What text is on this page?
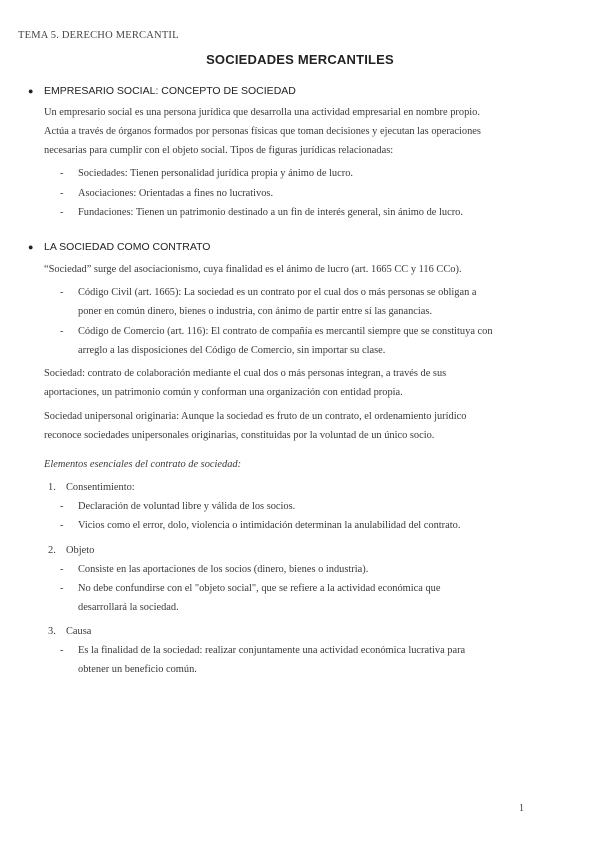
TEMA 5. DERECHO MERCANTIL
SOCIEDADES MERCANTILES
● EMPRESARIO SOCIAL: CONCEPTO DE SOCIEDAD
Un empresario social es una persona jurídica que desarrolla una actividad empresarial en nombre propio.
Actúa a través de órganos formados por personas físicas que toman decisiones y ejecutan las operaciones
necesarias para cumplir con el objeto social. Tipos de figuras jurídicas relacionadas:
- Sociedades: Tienen personalidad jurídica propia y ánimo de lucro.
- Asociaciones: Orientadas a fines no lucrativos.
- Fundaciones: Tienen un patrimonio destinado a un fin de interés general, sin ánimo de lucro.
● LA SOCIEDAD COMO CONTRATO
“Sociedad” surge del asociacionismo, cuya finalidad es el ánimo de lucro (art. 1665 CC y 116 CCo).
- Código Civil (art. 1665): La sociedad es un contrato por el cual dos o más personas se obligan a
poner en común dinero, bienes o industria, con ánimo de partir entre sí las ganancias.
- Código de Comercio (art. 116): El contrato de compañía es mercantil siempre que se constituya con
arreglo a las disposiciones del Código de Comercio, sin importar su clase.
Sociedad: contrato de colaboración mediante el cual dos o más personas integran, a través de sus
aportaciones, un patrimonio común y conforman una organización con entidad propia.
Sociedad unipersonal originaria: Aunque la sociedad es fruto de un contrato, el ordenamiento jurídico
reconoce sociedades unipersonales originarias, constituidas por la voluntad de un único socio.
Elementos esenciales del contrato de sociedad:
1. Consentimiento:
- Declaración de voluntad libre y válida de los socios.
- Vicios como el error, dolo, violencia o intimidación determinan la anulabilidad del contrato.
2. Objeto
- Consiste en las aportaciones de los socios (dinero, bienes o industria).
- No debe confundirse con el "objeto social", que se refiere a la actividad económica que
desarrollará la sociedad.
3. Causa
- Es la finalidad de la sociedad: realizar conjuntamente una actividad económica lucrativa para
obtener un beneficio común.
1
